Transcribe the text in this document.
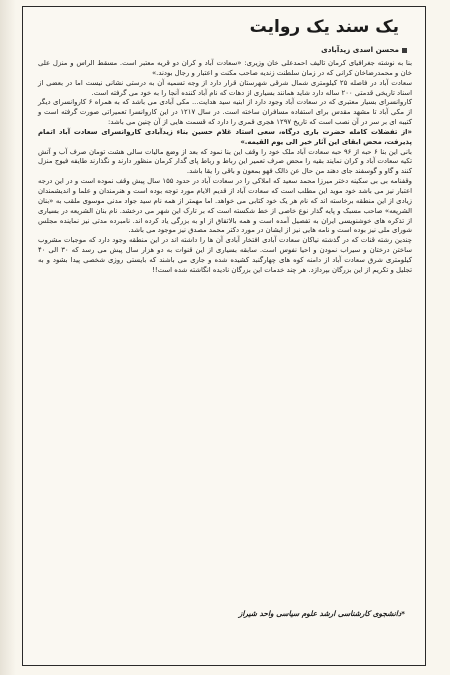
یک سند یک روایت
محسن اسدی زیدآبادی

بنا به نوشته جغرافیای کرمان تالیف احمدعلی خان وزیری: «سعادت آباد و کران دو قریه معتبر است. مسقط الراس و منزل علی خان و محمدرضاخان کرانی که در زمان سلطنت زندیه صاحب مکنت و اعتبار و رجال بودند.»

سعادت آباد در فاصله ۲۵ کیلومتری شمال شرقی شهرستان قرار دارد از وجه تسمیه آن به درستی نشانی نیست اما در بعضی از اسناد تاریخی قدمتی ۲۰۰ ساله دارد شاید همانند بسیاری از دهات که نام آباد کننده آنجا را به خود می گرفته است.

کاروانسرای بسیار معتبری که در سعادت آباد وجود دارد از ابنیه سید هدایت... مکی آبادی می باشد که به همراه ۶ کاروانسرای دیگر از مکی آباد تا مشهد مقدس برای استفاده مسافران ساخته است. در سال ۱۲۱۷ در این کاروانسرا تعمیراتی صورت گرفته است و کتیبه ای بر سر در آن نصب است که تاریخ ۱۲۹۷ هجری قمری را دارد که قسمت هایی از آن چنین می باشد:

«از تفضلات کامله حضرت باری درگاه، سعی استاد غلام حسین بناء زیدآبادی کاروانسرای سعادت آباد اتمام پذیرفت، محض ابقای این آثار خیر الی یوم القیمه.»

بانی این بنا ۶ حبه از ۹۶ حبه سعادت آباد ملک خود را وقف این بنا نمود که بعد از وضع مالیات سالی هشت تومان صرف آب و آتش تکیه سعادت آباد و کران نمایند بقیه را محض صرف تعمیر این رباط و رباط پای گدار کرمان منظور دارند و نگذارند طایفه فیوج منزل کنند و گاو و گوسفند جای دهند من حال عن ذالک فهو بمعون و باقی را یقا باشد.

وقفنامه بی بی سکینه دختر میرزا محمد سعید که املاکی را در سعادت آباد در حدود ۱۵۵ سال پیش وقف نموده است و در این درجه اعتبار نیز می باشد خود موید این مطلب است که سعادت آباد از قدیم الایام مورد توجه بوده است و هنرمندان و علما و اندیشمندان زیادی از این منطقه برخاسته اند که نام هر یک خود کتابی می خواهد. اما مهمتر از همه نام سید جواد مدنی موسوی ملقب به «بنان الشریعه» صاحب مسبک و پایه گذار نوع خاصی از خط شکسته است که بر تارک این شهر می درخشد. نام بنان الشریعه در بسیاری از تذکره های خوشنویسی ایران به تفصیل آمده است و همه بالاتفاق از او به بزرگی یاد کرده اند. نامبرده مدتی نیز نماینده مجلس شورای ملی نیز بوده است و نامه هایی نیز از ایشان در مورد دکتر محمد مصدق نیز موجود می باشد.

چندین رشته قنات که در گذشته نیاکان سعادت آبادی افتخار آبادی آن ها را داشته اند در این منطقه وجود دارد که موجبات مشروب ساختن درختان و سیراب نمودن و احیا نفوس است. سابقه بسیاری از این قنوات به دو هزار سال پیش می رسد که ۳۰ الی ۴۰ کیلومتری شرق سعادت آباد از دامنه کوه های چهارگنبد کشیده شده و جاری می باشند که بایستی روزی شخصی پیدا بشود و به تجلیل و تکریم از این بزرگان بپردازد. هر چند خدمات این بزرگان نادیده انگاشته شده است!!

*دانشجوی کارشناسی ارشد علوم سیاسی واحد شیراز
